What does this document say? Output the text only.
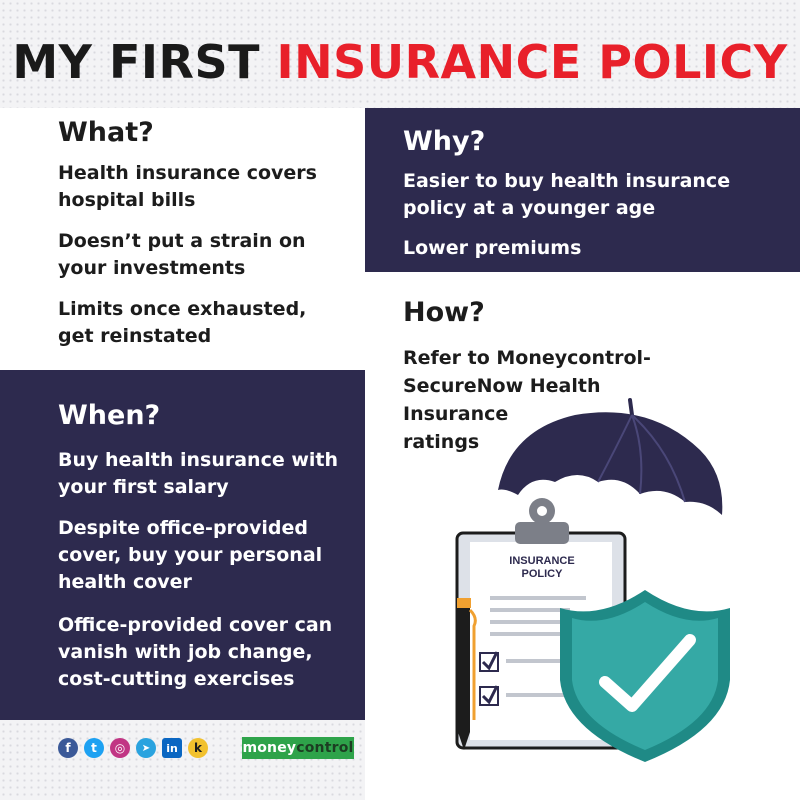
MY FIRST INSURANCE POLICY
What?
Health insurance covers
hospital bills
Doesn’t put a strain on
your investments
Limits once exhausted,
get reinstated
Why?
Easier to buy health insurance
policy at a younger age
Lower premiums
How?
Refer to Moneycontrol-
SecureNow Health
Insurance
ratings
When?
Buy health insurance with
your first salary
Despite office-provided
cover, buy your personal
health cover
Office-provided cover can
vanish with job change,
cost-cutting exercises
INSURANCE
POLICY
f	t	◎	➤	in	k	money control
